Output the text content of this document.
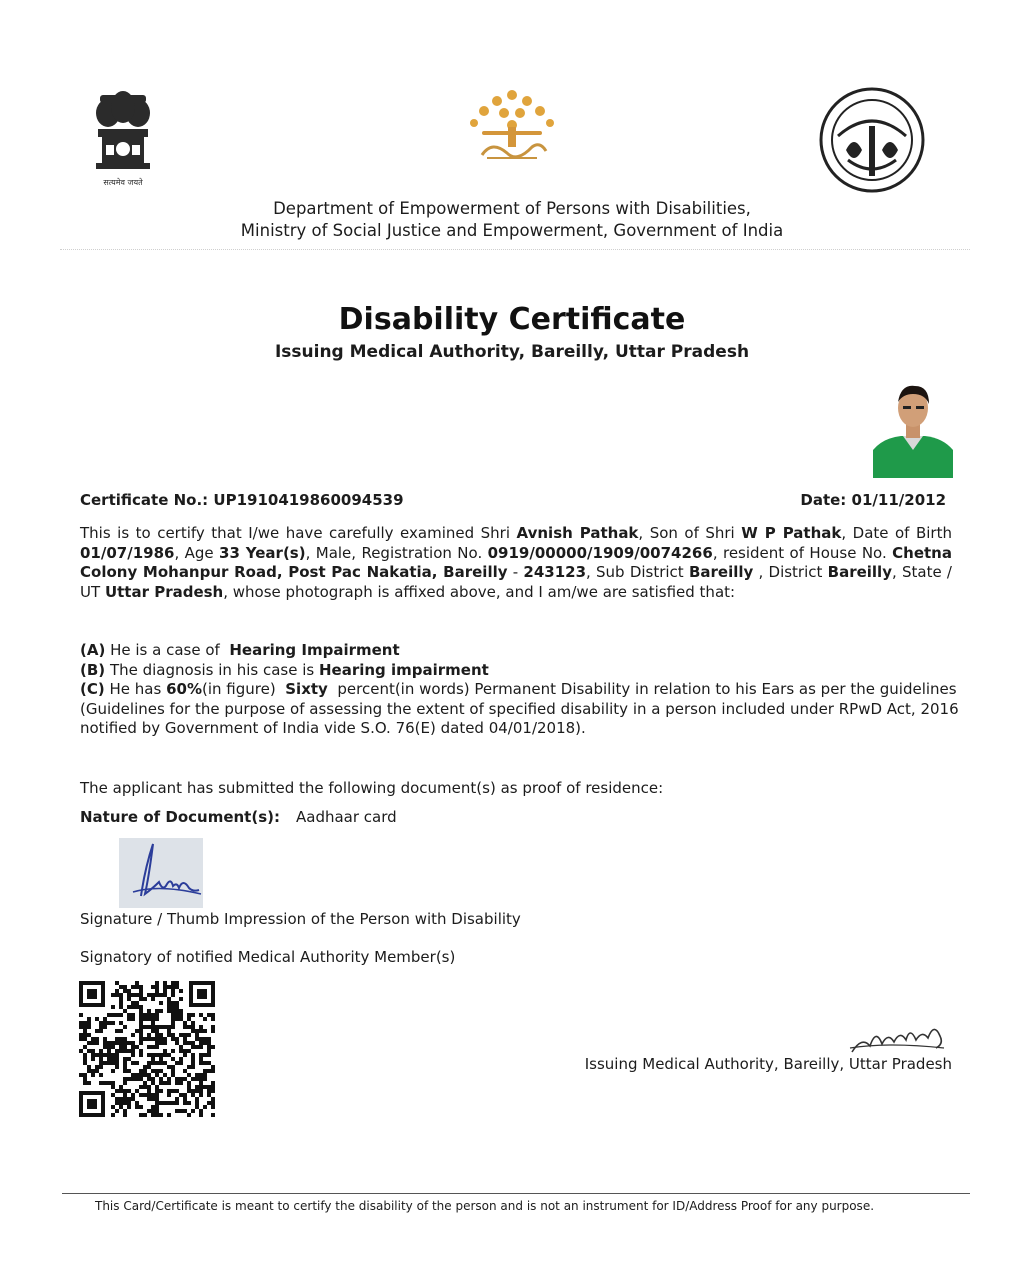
सत्यमेव जयते
Department of Empowerment of Persons with Disabilities,
Ministry of Social Justice and Empowerment, Government of India
Disability Certificate
Issuing Medical Authority, Bareilly, Uttar Pradesh
Certificate No.: UP1910419860094539	Date: 01/11/2012
This is to certify that I/we have carefully examined Shri Avnish Pathak, Son of Shri W P Pathak, Date of Birth 01/07/1986, Age 33 Year(s), Male, Registration No. 0919/00000/1909/0074266, resident of House No. Chetna Colony Mohanpur Road, Post Pac Nakatia, Bareilly - 243123, Sub District Bareilly , District Bareilly, State / UT Uttar Pradesh, whose photograph is affixed above, and I am/we are satisfied that:
(A) He is a case of Hearing Impairment
(B) The diagnosis in his case is Hearing impairment
(C) He has 60%(in figure) Sixty percent(in words) Permanent Disability in relation to his Ears as per the guidelines
(Guidelines for the purpose of assessing the extent of specified disability in a person included under RPwD Act, 2016
notified by Government of India vide S.O. 76(E) dated 04/01/2018).
The applicant has submitted the following document(s) as proof of residence:
Nature of Document(s): Aadhaar card
Signature / Thumb Impression of the Person with Disability
Signatory of notified Medical Authority Member(s)
Issuing Medical Authority, Bareilly, Uttar Pradesh
This Card/Certificate is meant to certify the disability of the person and is not an instrument for ID/Address Proof for any purpose.
